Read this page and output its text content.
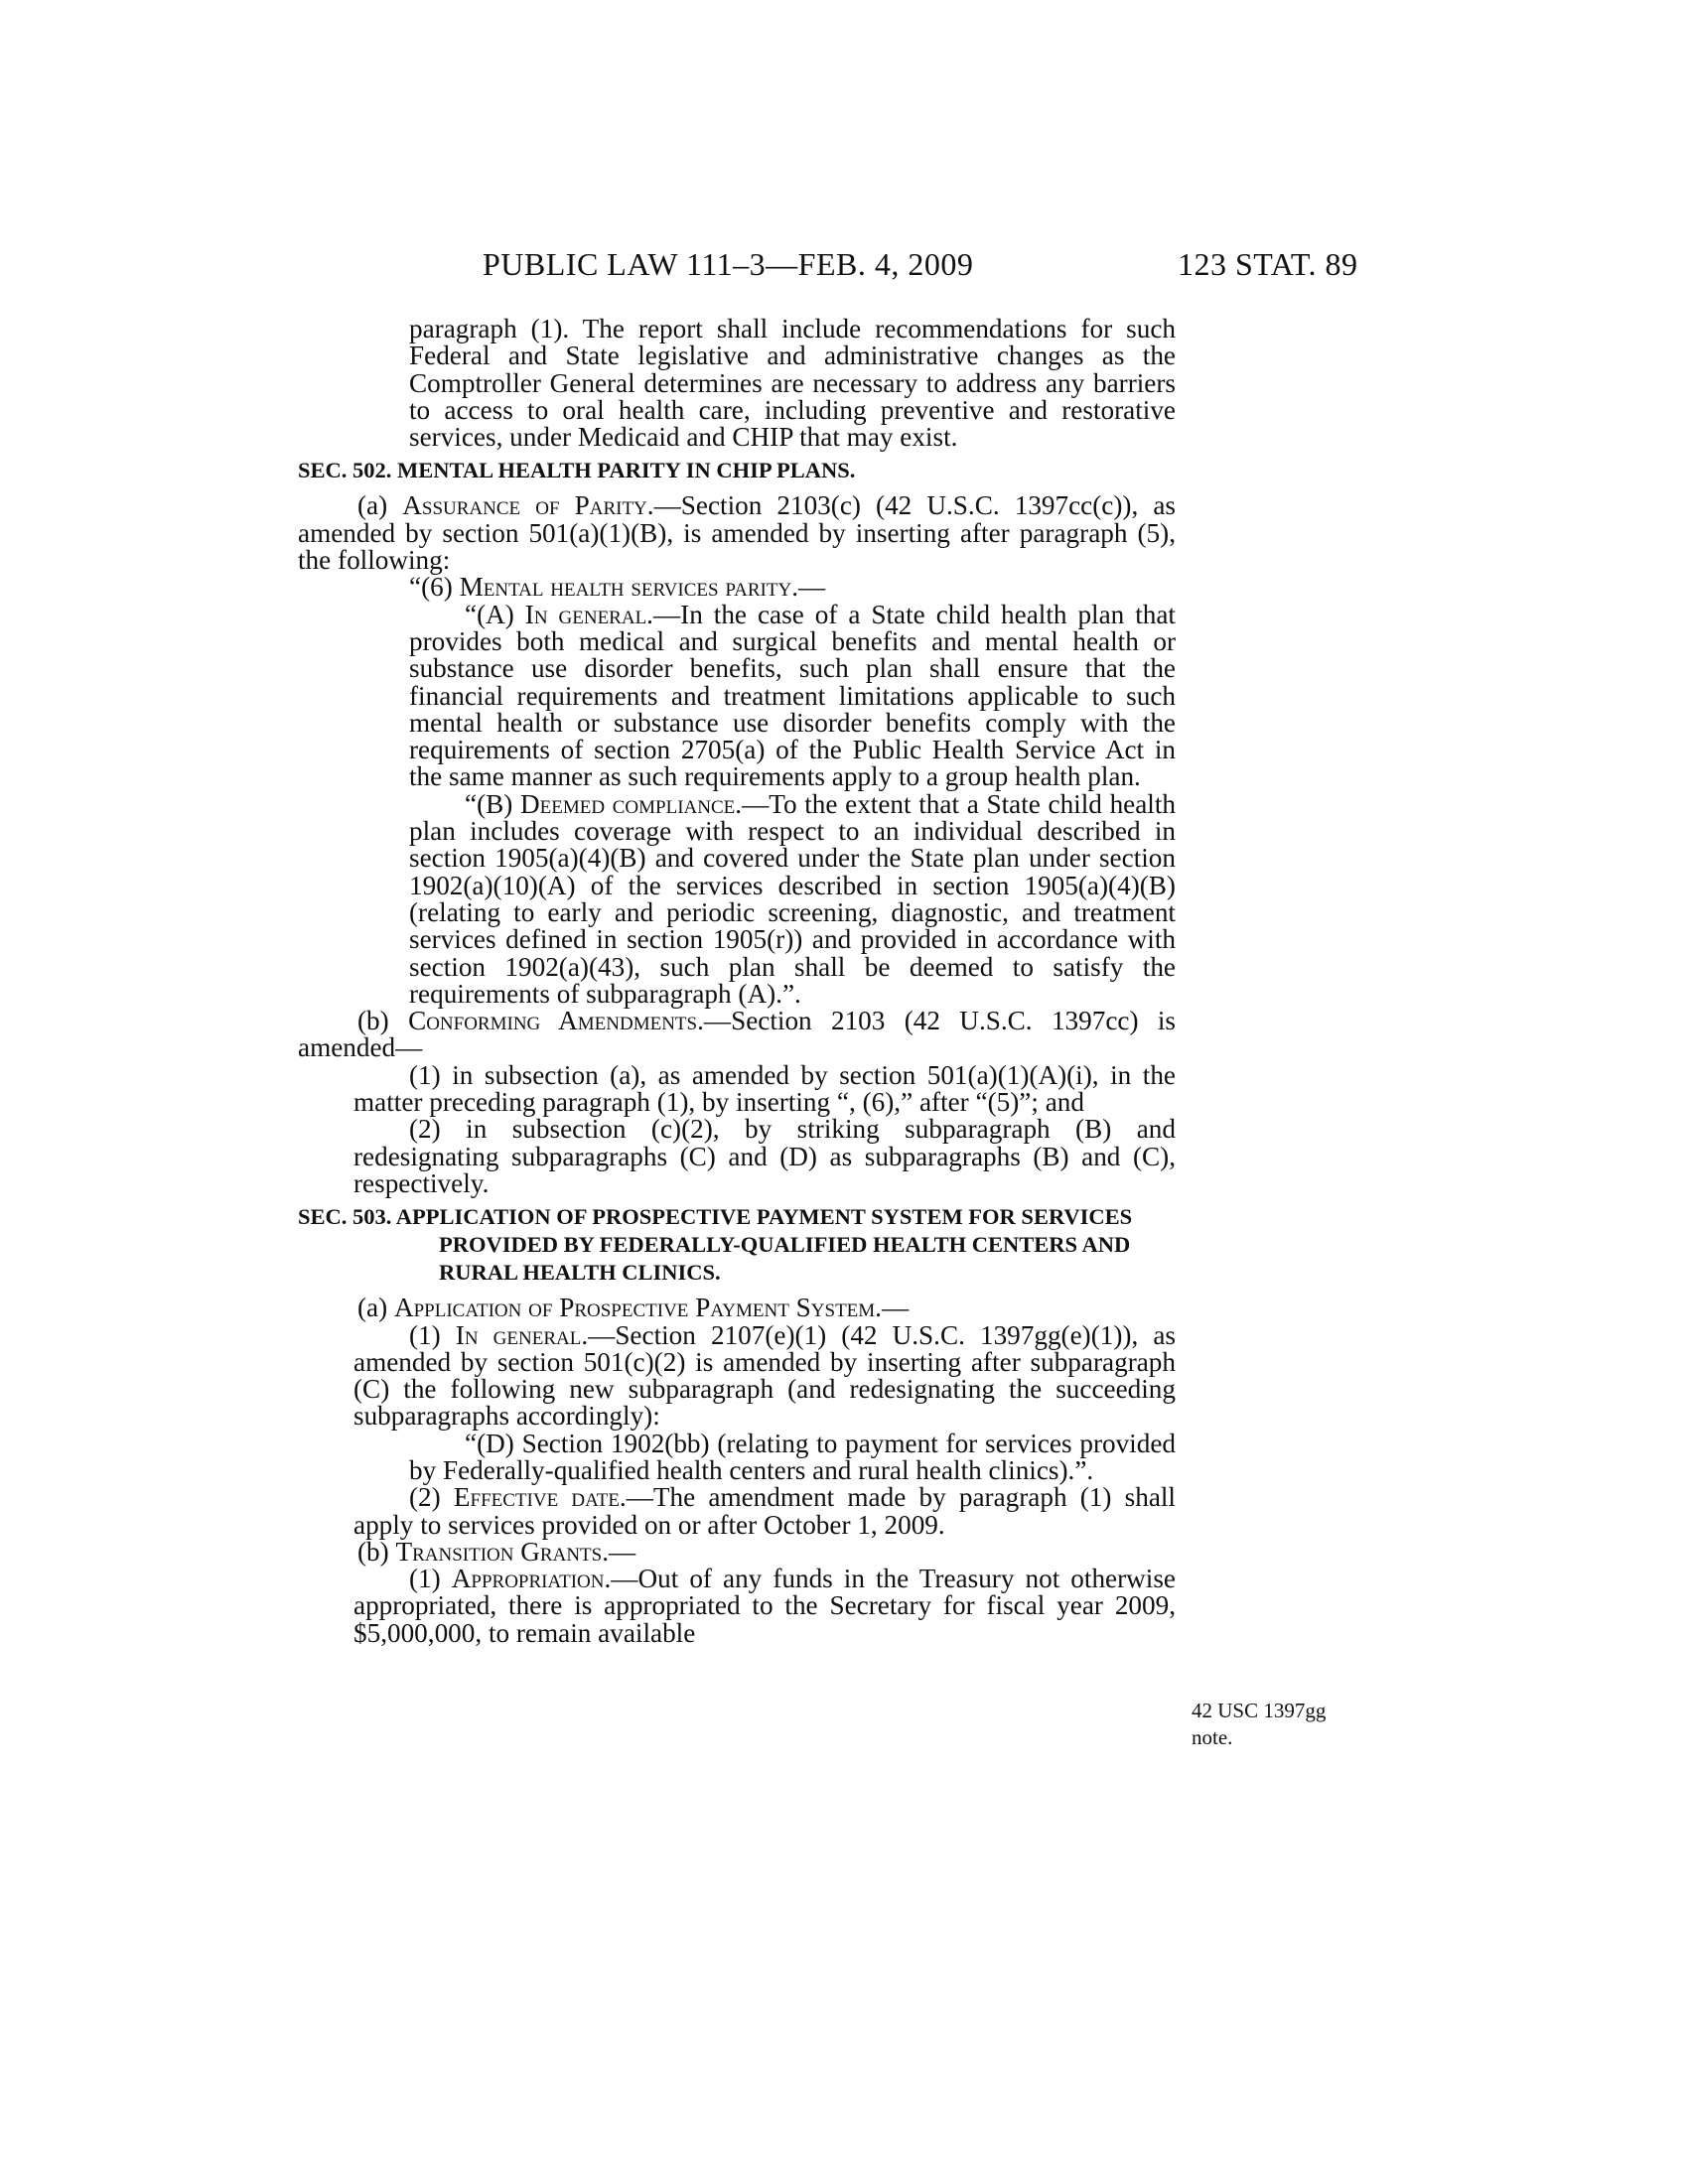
PUBLIC LAW 111–3—FEB. 4, 2009	123 STAT. 89

paragraph (1). The report shall include recommendations for such Federal and State legislative and administrative changes as the Comptroller General determines are necessary to address any barriers to access to oral health care, including preventive and restorative services, under Medicaid and CHIP that may exist.

SEC. 502. MENTAL HEALTH PARITY IN CHIP PLANS.

(a) Assurance of Parity.—Section 2103(c) (42 U.S.C. 1397cc(c)), as amended by section 501(a)(1)(B), is amended by inserting after paragraph (5), the following:

“(6) Mental health services parity.—

“(A) In general.—In the case of a State child health plan that provides both medical and surgical benefits and mental health or substance use disorder benefits, such plan shall ensure that the financial requirements and treatment limitations applicable to such mental health or substance use disorder benefits comply with the requirements of section 2705(a) of the Public Health Service Act in the same manner as such requirements apply to a group health plan.

“(B) Deemed compliance.—To the extent that a State child health plan includes coverage with respect to an individual described in section 1905(a)(4)(B) and covered under the State plan under section 1902(a)(10)(A) of the services described in section 1905(a)(4)(B) (relating to early and periodic screening, diagnostic, and treatment services defined in section 1905(r)) and provided in accordance with section 1902(a)(43), such plan shall be deemed to satisfy the requirements of subparagraph (A).”.

(b) Conforming Amendments.—Section 2103 (42 U.S.C. 1397cc) is amended—

(1) in subsection (a), as amended by section 501(a)(1)(A)(i), in the matter preceding paragraph (1), by inserting “, (6),” after “(5)”; and

(2) in subsection (c)(2), by striking subparagraph (B) and redesignating subparagraphs (C) and (D) as subparagraphs (B) and (C), respectively.

SEC. 503. APPLICATION OF PROSPECTIVE PAYMENT SYSTEM FOR SERVICES PROVIDED BY FEDERALLY-QUALIFIED HEALTH CENTERS AND RURAL HEALTH CLINICS.

(a) Application of Prospective Payment System.—

(1) In general.—Section 2107(e)(1) (42 U.S.C. 1397gg(e)(1)), as amended by section 501(c)(2) is amended by inserting after subparagraph (C) the following new subparagraph (and redesignating the succeeding subparagraphs accordingly):

“(D) Section 1902(bb) (relating to payment for services provided by Federally-qualified health centers and rural health clinics).”.

(2) Effective date.—The amendment made by paragraph (1) shall apply to services provided on or after October 1, 2009.

(b) Transition Grants.—

(1) Appropriation.—Out of any funds in the Treasury not otherwise appropriated, there is appropriated to the Secretary for fiscal year 2009, $5,000,000, to remain available

42 USC 1397gg note.
